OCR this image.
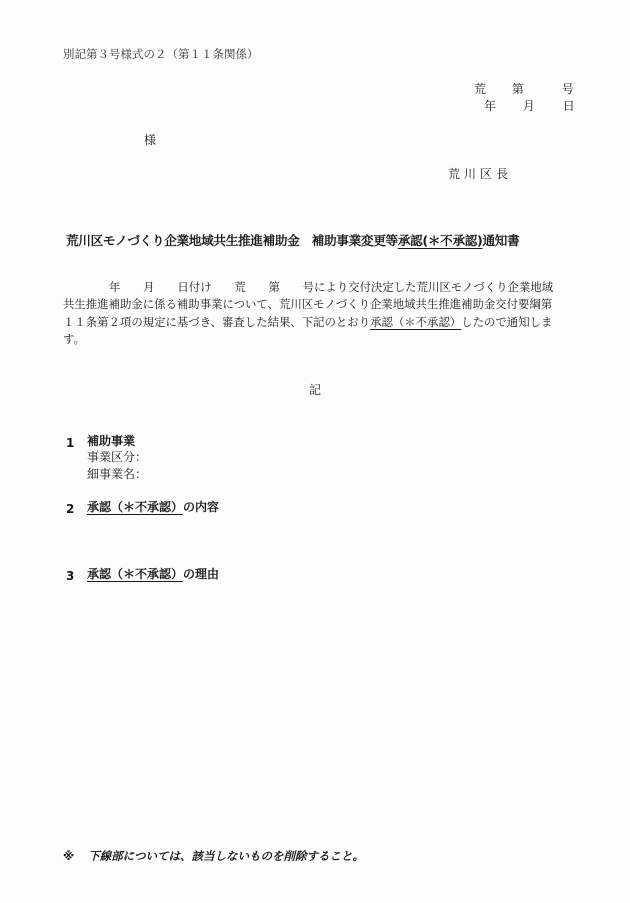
別記第３号様式の２（第１１条関係）
荒 第	号
年 月 日
様
荒川区長
荒川区モノづくり企業地域共生推進補助金　補助事業変更等承認(＊不承認)通知書
年　　月　　日付け　　荒　　第　　号により交付決定した荒川区モノづくり企業地域
共生推進補助金に係る補助事業について、荒川区モノづくり企業地域共生推進補助金交付要綱第
１１条第２項の規定に基づき、審査した結果、下記のとおり承認（＊不承認）したので通知しま
す。
記
1 補助事業
事業区分：
細事業名：
2 承認（＊不承認）の内容
3 承認（＊不承認）の理由
※ 下線部については、該当しないものを削除すること。
